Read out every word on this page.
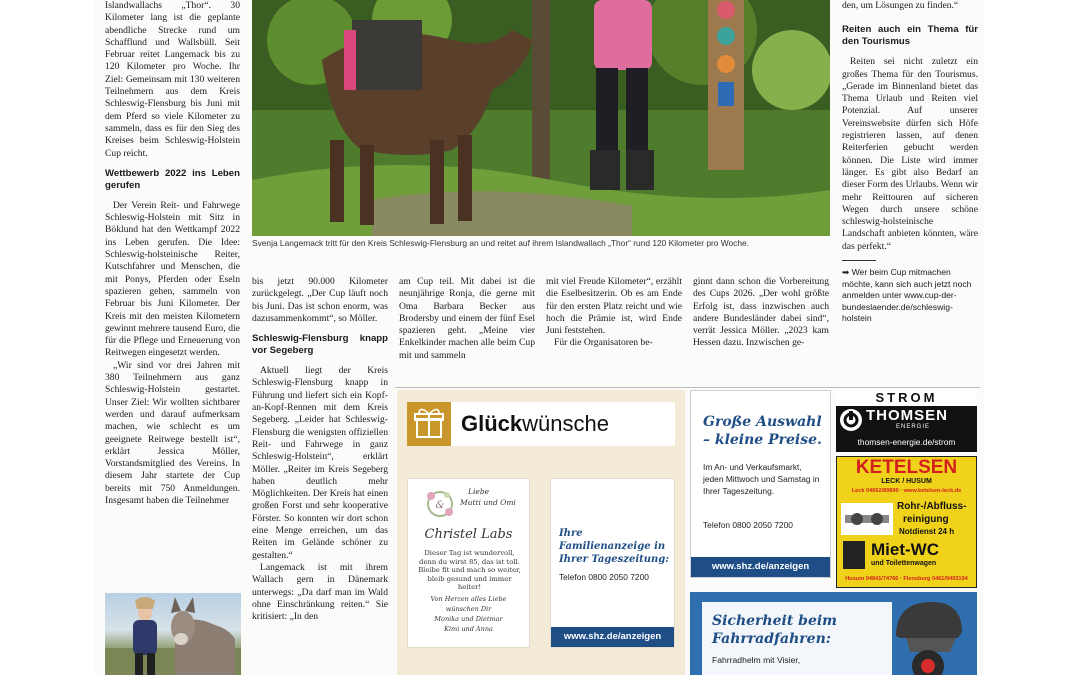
Islandwallachs „Thor“. 30 Kilometer lang ist die geplante abendliche Strecke rund um Schafflund und Wallsbüll. Seit Februar reitet Langemack bis zu 120 Kilometer pro Woche. Ihr Ziel: Gemeinsam mit 130 weiteren Teilnehmern aus dem Kreis Schleswig-Flensburg bis Juni mit dem Pferd so viele Kilometer zu sammeln, dass es für den Sieg des Kreises beim Schleswig-Holstein Cup reicht.

Wettbewerb 2022 ins Leben gerufen

Der Verein Reit- und Fahrwege Schleswig-Holstein mit Sitz in Böklund hat den Wettkampf 2022 ins Leben gerufen. Die Idee: Schleswig-holsteinische Reiter, Kutschfahrer und Menschen, die mit Ponys, Pferden oder Eseln spazieren gehen, sammeln von Februar bis Juni Kilometer. Der Kreis mit den meisten Kilometern gewinnt mehrere tausend Euro, die für die Pflege und Erneuerung von Reitwegen eingesetzt werden.

„Wir sind vor drei Jahren mit 380 Teilnehmern aus ganz Schleswig-Holstein gestartet. Unser Ziel: Wir wollten sichtbarer werden und darauf aufmerksam machen, wie schlecht es um geeignete Reitwege bestellt ist“, erklärt Jessica Möller, Vorstandsmitglied des Vereins. In diesem Jahr startete der Cup bereits mit 750 Anmeldungen. Insgesamt haben die Teilnehmer

Svenja Langemack tritt für den Kreis Schleswig-Flensburg an und reitet auf ihrem Islandwallach „Thor“ rund 120 Kilometer pro Woche.

bis jetzt 90.000 Kilometer zurückgelegt. „Der Cup läuft noch bis Juni. Das ist schon enorm, was dazusammenkommt“, so Möller.

Schleswig-Flensburg knapp vor Segeberg

Aktuell liegt der Kreis Schleswig-Flensburg knapp in Führung und liefert sich ein Kopf-an-Kopf-Rennen mit dem Kreis Segeberg. „Leider hat Schleswig-Flensburg die wenigsten offiziellen Reit- und Fahrwege in ganz Schleswig-Holstein“, erklärt Möller. „Reiter im Kreis Segeberg haben deutlich mehr Möglichkeiten. Der Kreis hat einen großen Forst und sehr kooperative Förster. So konnten wir dort schon eine Menge erreichen, um das Reiten im Gelände schöner zu gestalten.“

Langemack ist mit ihrem Wallach gern in Dänemark unterwegs: „Da darf man im Wald ohne Einschränkung reiten.“ Sie kritisiert: „In den

am Cup teil. Mit dabei ist die neunjährige Ronja, die gerne mit Oma Barbara Becker aus Brodersby und einem der fünf Esel spazieren geht. „Meine vier Enkelkinder machen alle beim Cup mit und sammeln

mit viel Freude Kilometer“, erzählt die Eselbesitzerin. Ob es am Ende für den ersten Platz reicht und wie hoch die Prämie ist, wird Ende Juni feststehen.

Für die Organisatoren be-

ginnt dann schon die Vorbereitung des Cups 2026. „Der wohl größte Erfolg ist, dass inzwischen auch andere Bundesländer dabei sind“, verrät Jessica Möller. „2023 kam Hessen dazu. Inzwischen ge-

den, um Lösungen zu finden.“

Reiten auch ein Thema für den Tourismus

Reiten sei nicht zuletzt ein großes Thema für den Tourismus. „Gerade im Binnenland bietet das Thema Urlaub und Reiten viel Potenzial. Auf unserer Vereinswebsite dürfen sich Höfe registrieren lassen, auf denen Reiterferien gebucht werden können. Die Liste wird immer länger. Es gibt also Bedarf an dieser Form des Urlaubs. Wenn wir mehr Reittouren auf sicheren Wegen durch unsere schöne schleswig-holsteinische Landschaft anbieten könnten, wäre das perfekt.“

➡ Wer beim Cup mitmachen möchte, kann sich auch jetzt noch anmelden unter www.cup-der-bundeslaender.de/schleswig-holstein

Glückwünsche
&
Liebe
Mutti und Omi
Christel Labs
Dieser Tag ist wundervoll, denn du wirst 85, das ist toll. Bleibe fit und mach so weiter, bleib gesund und immer heiter!
Von Herzen alles Liebe
wünschen Dir
Monika und Dietmar
Kimi und Anna
Ihre Familienanzeige in Ihrer Tageszeitung:
Telefon 0800 2050 7200
www.shz.de/anzeigen
Große Auswahl – kleine Preise.
Im An- und Verkaufsmarkt, jeden Mittwoch und Samstag in Ihrer Tageszeitung.
Telefon 0800 2050 7200
www.shz.de/anzeigen
STROM
THOMSEN
ENERGIE
thomsen-energie.de/strom
KETELSEN
LECK / HUSUM
Leck 04662/89890 · www.ketelsen-leck.de
Rohr-/Abfluss-
reinigung
Notdienst 24 h
Miet-WC
und Toilettenwagen
Husum 04841/74766 · Flensburg 0461/9403194
Sicherheit beim
Fahrradfahren:
Fahrradhelm mit Visier,
